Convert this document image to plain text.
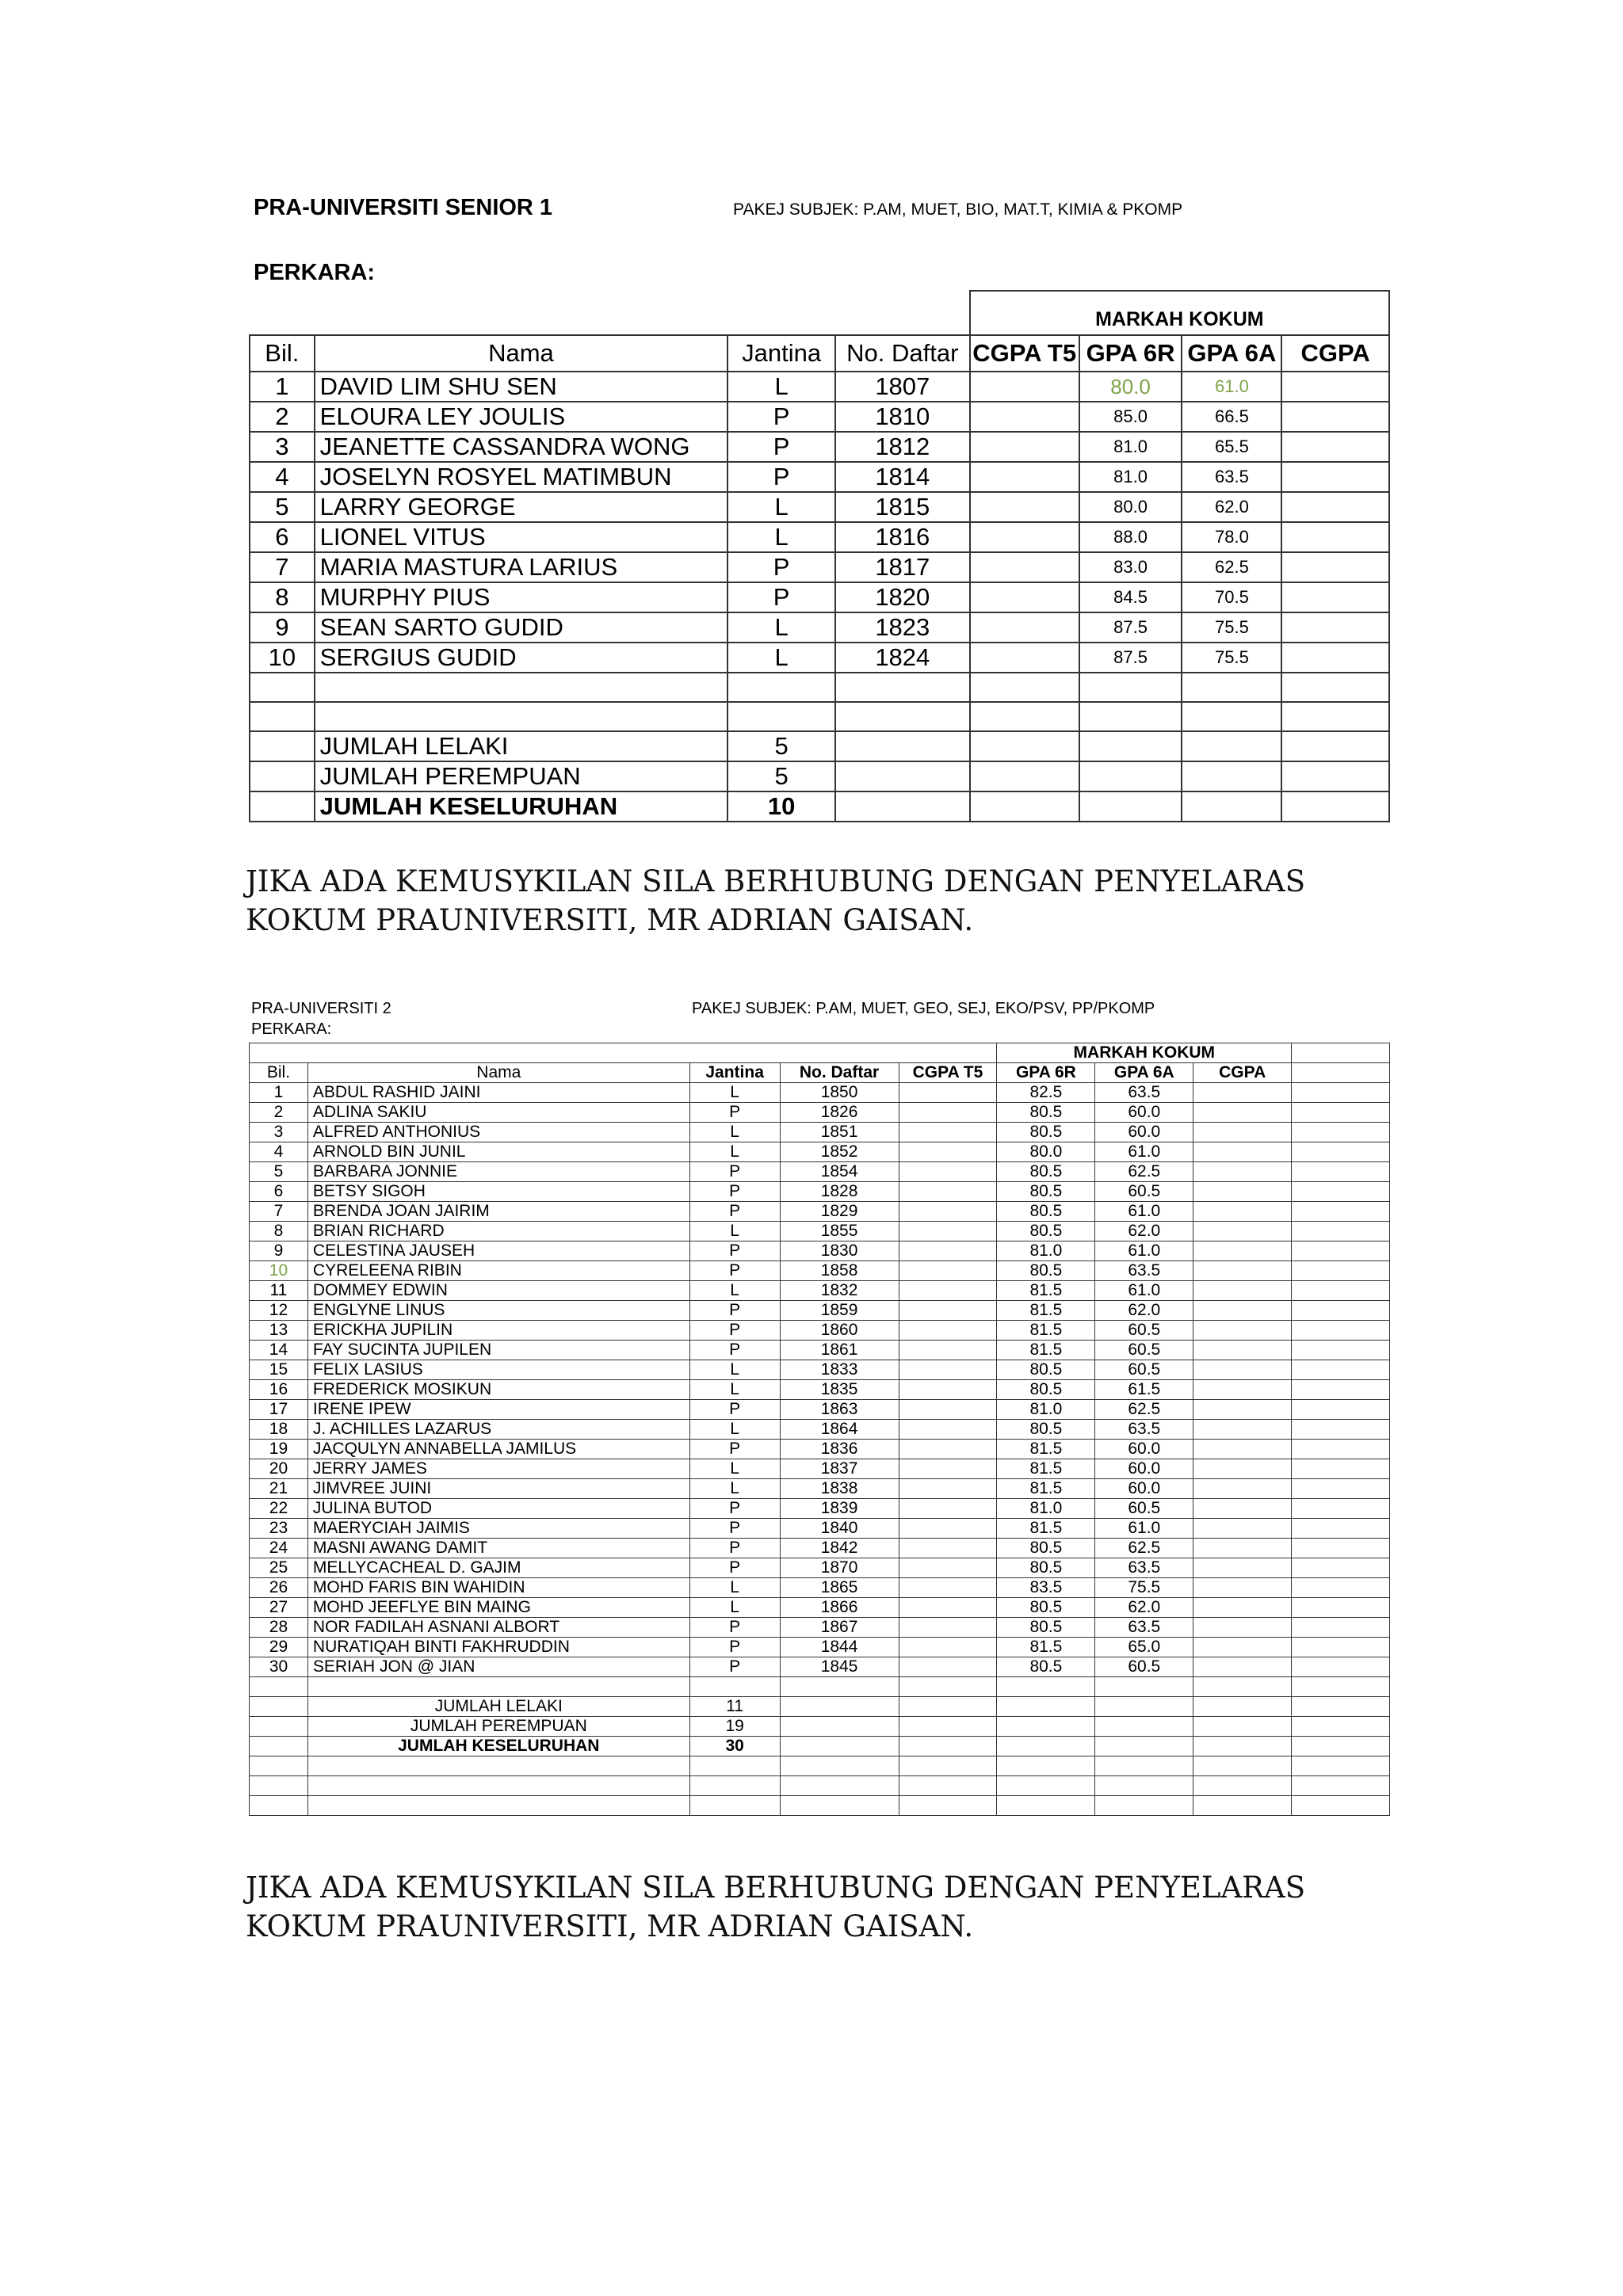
PRA-UNIVERSITI SENIOR 1	PAKEJ SUBJEK: P.AM, MUET, BIO, MAT.T, KIMIA & PKOMP
PERKARA:
				MARKAH KOKUM			
Bil.	Nama	Jantina	No. Daftar	CGPA T5	GPA 6R	GPA 6A	CGPA
1	DAVID LIM SHU SEN	L	1807		80.0	61.0	
2	ELOURA LEY JOULIS	P	1810		85.0	66.5	
3	JEANETTE CASSANDRA WONG	P	1812		81.0	65.5	
4	JOSELYN ROSYEL MATIMBUN	P	1814		81.0	63.5	
5	LARRY GEORGE	L	1815		80.0	62.0	
6	LIONEL VITUS	L	1816		88.0	78.0	
7	MARIA MASTURA LARIUS	P	1817		83.0	62.5	
8	MURPHY PIUS	P	1820		84.5	70.5	
9	SEAN SARTO GUDID	L	1823		87.5	75.5	
10	SERGIUS GUDID	L	1824		87.5	75.5	

	JUMLAH LELAKI	5					
	JUMLAH PEREMPUAN	5					
	JUMLAH KESELURUHAN	10					
JIKA ADA KEMUSYKILAN SILA BERHUBUNG DENGAN PENYELARAS KOKUM PRAUNIVERSITI, MR ADRIAN GAISAN.
PRA-UNIVERSITI 2	PAKEJ SUBJEK: P.AM, MUET, GEO, SEJ, EKO/PSV, PP/PKOMP
PERKARA:
					MARKAH KOKUM			
Bil.	Nama	Jantina	No. Daftar	CGPA T5	GPA 6R	GPA 6A	CGPA	
1	ABDUL RASHID JAINI	L	1850		82.5	63.5		
2	ADLINA SAKIU	P	1826		80.5	60.0		
3	ALFRED ANTHONIUS	L	1851		80.5	60.0		
4	ARNOLD BIN JUNIL	L	1852		80.0	61.0		
5	BARBARA JONNIE	P	1854		80.5	62.5		
6	BETSY SIGOH	P	1828		80.5	60.5		
7	BRENDA JOAN JAIRIM	P	1829		80.5	61.0		
8	BRIAN RICHARD	L	1855		80.5	62.0		
9	CELESTINA JAUSEH	P	1830		81.0	61.0		
10	CYRELEENA RIBIN	P	1858		80.5	63.5		
11	DOMMEY EDWIN	L	1832		81.5	61.0		
12	ENGLYNE LINUS	P	1859		81.5	62.0		
13	ERICKHA JUPILIN	P	1860		81.5	60.5		
14	FAY SUCINTA JUPILEN	P	1861		81.5	60.5		
15	FELIX LASIUS	L	1833		80.5	60.5		
16	FREDERICK MOSIKUN	L	1835		80.5	61.5		
17	IRENE IPEW	P	1863		81.0	62.5		
18	J. ACHILLES LAZARUS	L	1864		80.5	63.5		
19	JACQULYN ANNABELLA JAMILUS	P	1836		81.5	60.0		
20	JERRY JAMES	L	1837		81.5	60.0		
21	JIMVREE JUINI	L	1838		81.5	60.0		
22	JULINA BUTOD	P	1839		81.0	60.5		
23	MAERYCIAH JAIMIS	P	1840		81.5	61.0		
24	MASNI AWANG DAMIT	P	1842		80.5	62.5		
25	MELLYCACHEAL D. GAJIM	P	1870		80.5	63.5		
26	MOHD FARIS BIN WAHIDIN	L	1865		83.5	75.5		
27	MOHD JEEFLYE BIN MAING	L	1866		80.5	62.0		
28	NOR FADILAH ASNANI ALBORT	P	1867		80.5	63.5		
29	NURATIQAH BINTI FAKHRUDDIN	P	1844		81.5	65.0		
30	SERIAH JON @ JIAN	P	1845		80.5	60.5		

	JUMLAH LELAKI	11						
	JUMLAH PEREMPUAN	19						
	JUMLAH KESELURUHAN	30						

JIKA ADA KEMUSYKILAN SILA BERHUBUNG DENGAN PENYELARAS KOKUM PRAUNIVERSITI, MR ADRIAN GAISAN.
